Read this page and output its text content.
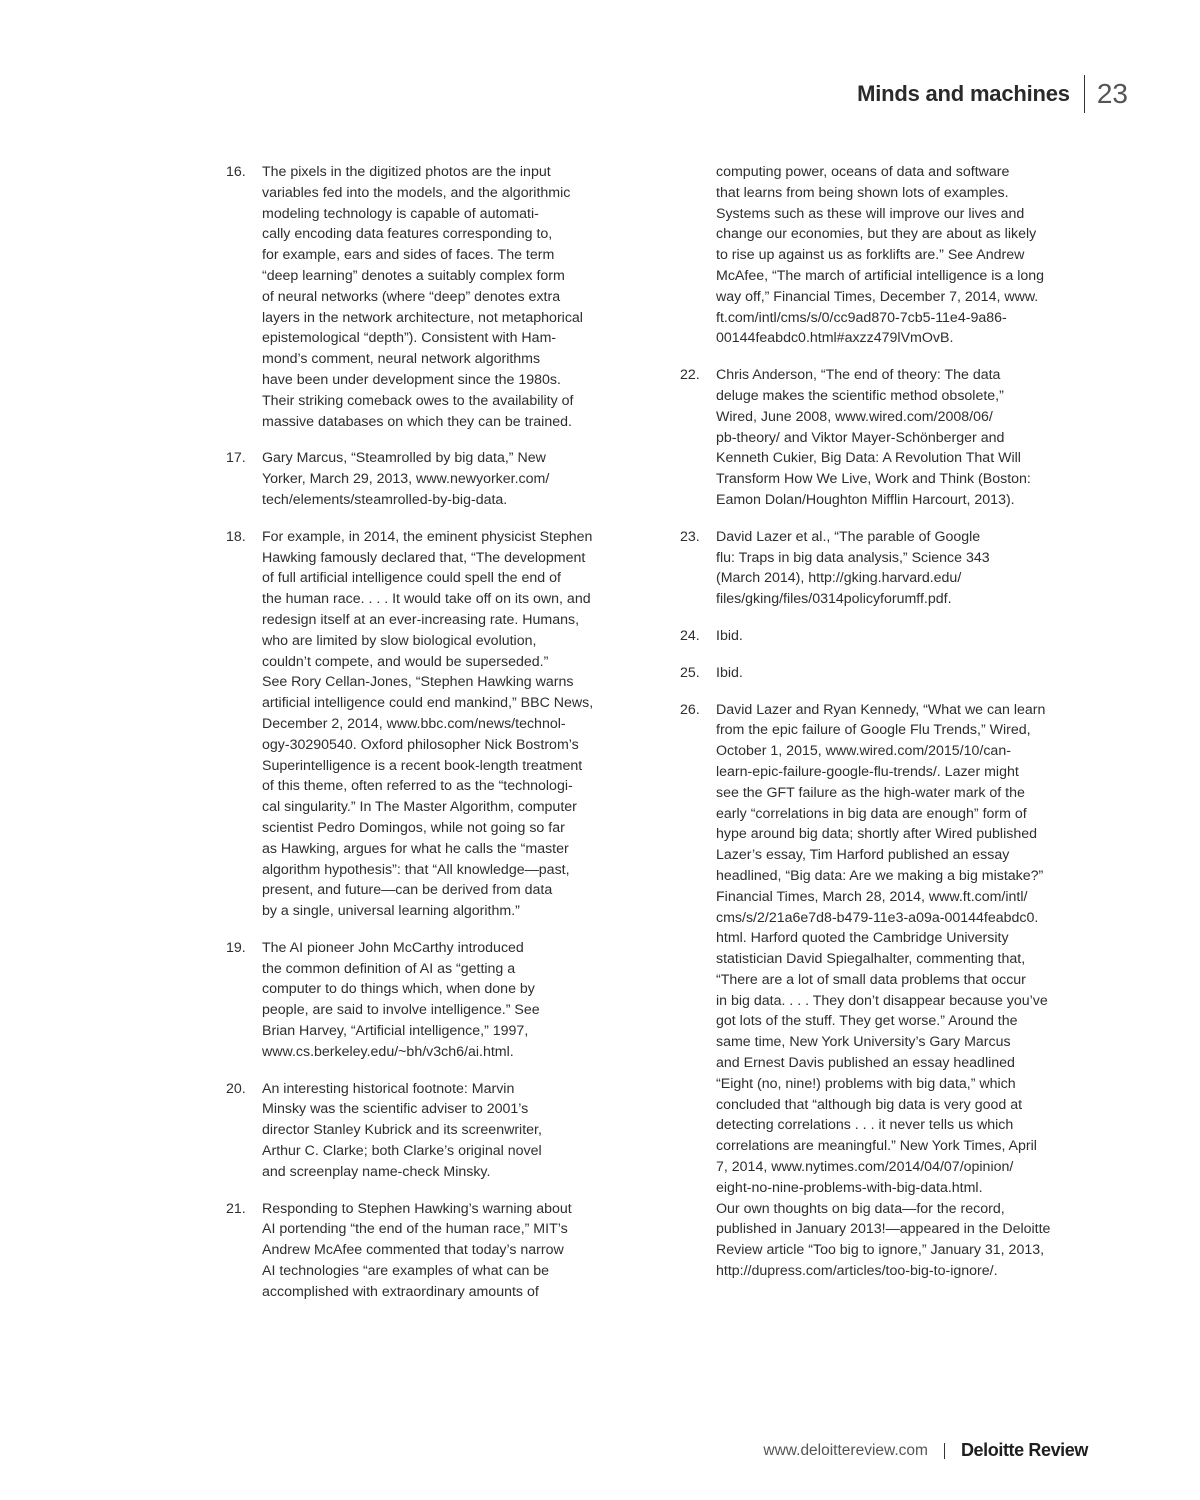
Minds and machines 23
16.	The pixels in the digitized photos are the input
variables fed into the models, and the algorithmic
modeling technology is capable of automati-
cally encoding data features corresponding to,
for example, ears and sides of faces. The term
“deep learning” denotes a suitably complex form
of neural networks (where “deep” denotes extra
layers in the network architecture, not metaphorical
epistemological “depth”). Consistent with Ham-
mond’s comment, neural network algorithms
have been under development since the 1980s.
Their striking comeback owes to the availability of
massive databases on which they can be trained.
17.	Gary Marcus, “Steamrolled by big data,” New
Yorker, March 29, 2013, www.newyorker.com/
tech/elements/steamrolled-by-big-data.
18.	For example, in 2014, the eminent physicist Stephen
Hawking famously declared that, “The development
of full artificial intelligence could spell the end of
the human race. . . . It would take off on its own, and
redesign itself at an ever-increasing rate. Humans,
who are limited by slow biological evolution,
couldn’t compete, and would be superseded.”
See Rory Cellan-Jones, “Stephen Hawking warns
artificial intelligence could end mankind,” BBC News,
December 2, 2014, www.bbc.com/news/technol-
ogy-30290540. Oxford philosopher Nick Bostrom’s
Superintelligence is a recent book-length treatment
of this theme, often referred to as the “technologi-
cal singularity.” In The Master Algorithm, computer
scientist Pedro Domingos, while not going so far
as Hawking, argues for what he calls the “master
algorithm hypothesis”: that “All knowledge—past,
present, and future—can be derived from data
by a single, universal learning algorithm.”
19.	The AI pioneer John McCarthy introduced
the common definition of AI as “getting a
computer to do things which, when done by
people, are said to involve intelligence.” See
Brian Harvey, “Artificial intelligence,” 1997,
www.cs.berkeley.edu/~bh/v3ch6/ai.html.
20.	An interesting historical footnote: Marvin
Minsky was the scientific adviser to 2001’s
director Stanley Kubrick and its screenwriter,
Arthur C. Clarke; both Clarke’s original novel
and screenplay name-check Minsky.
21.	Responding to Stephen Hawking’s warning about
AI portending “the end of the human race,” MIT’s
Andrew McAfee commented that today’s narrow
AI technologies “are examples of what can be
accomplished with extraordinary amounts of
computing power, oceans of data and software
that learns from being shown lots of examples.
Systems such as these will improve our lives and
change our economies, but they are about as likely
to rise up against us as forklifts are.” See Andrew
McAfee, “The march of artificial intelligence is a long
way off,” Financial Times, December 7, 2014, www.
ft.com/intl/cms/s/0/cc9ad870-7cb5-11e4-9a86-
00144feabdc0.html#axzz479lVmOvB.
22.	Chris Anderson, “The end of theory: The data
deluge makes the scientific method obsolete,”
Wired, June 2008, www.wired.com/2008/06/
pb-theory/ and Viktor Mayer-Schönberger and
Kenneth Cukier, Big Data: A Revolution That Will
Transform How We Live, Work and Think (Boston:
Eamon Dolan/Houghton Mifflin Harcourt, 2013).
23.	David Lazer et al., “The parable of Google
flu: Traps in big data analysis,” Science 343
(March 2014), http://gking.harvard.edu/
files/gking/files/0314policyforumff.pdf.
24.	Ibid.
25.	Ibid.
26.	David Lazer and Ryan Kennedy, “What we can learn
from the epic failure of Google Flu Trends,” Wired,
October 1, 2015, www.wired.com/2015/10/can-
learn-epic-failure-google-flu-trends/. Lazer might
see the GFT failure as the high-water mark of the
early “correlations in big data are enough” form of
hype around big data; shortly after Wired published
Lazer’s essay, Tim Harford published an essay
headlined, “Big data: Are we making a big mistake?”
Financial Times, March 28, 2014, www.ft.com/intl/
cms/s/2/21a6e7d8-b479-11e3-a09a-00144feabdc0.
html. Harford quoted the Cambridge University
statistician David Spiegalhalter, commenting that,
“There are a lot of small data problems that occur
in big data. . . . They don’t disappear because you’ve
got lots of the stuff. They get worse.” Around the
same time, New York University’s Gary Marcus
and Ernest Davis published an essay headlined
“Eight (no, nine!) problems with big data,” which
concluded that “although big data is very good at
detecting correlations . . . it never tells us which
correlations are meaningful.” New York Times, April
7, 2014, www.nytimes.com/2014/04/07/opinion/
eight-no-nine-problems-with-big-data.html.
Our own thoughts on big data—for the record,
published in January 2013!—appeared in the Deloitte
Review article “Too big to ignore,” January 31, 2013,
http://dupress.com/articles/too-big-to-ignore/.
www.deloittereview.com	Deloitte Review
